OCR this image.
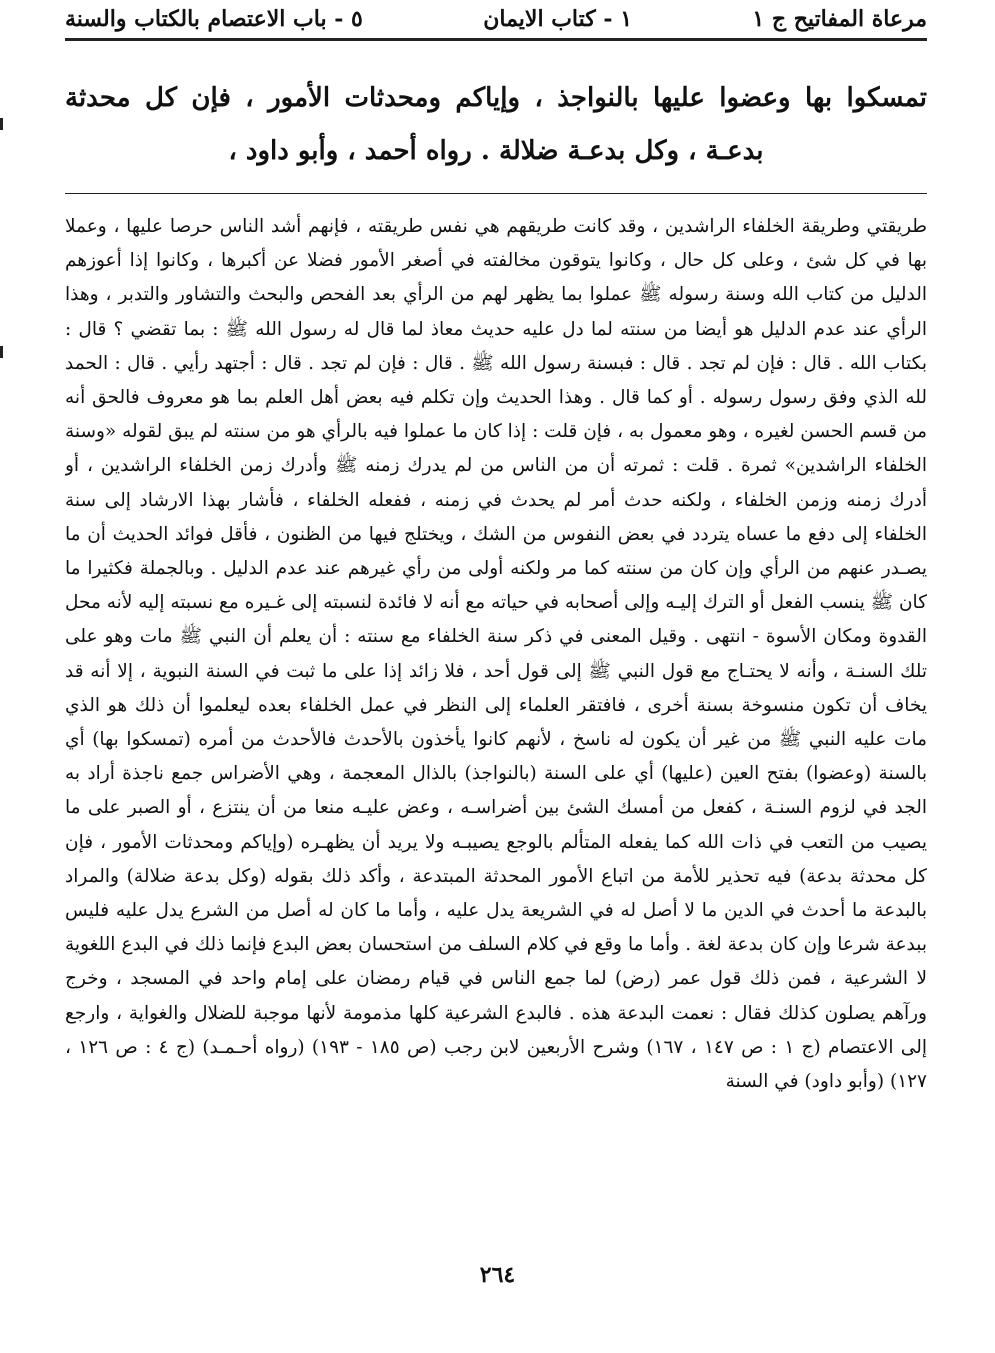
مرعاة المفاتيح ج ١
١ - كتاب الايمان
٥ - باب الاعتصام بالكتاب والسنة
تمسكوا بها وعضوا عليها بالنواجذ ، وإياكم ومحدثات الأمور ، فإن كل محدثة بدعـة ، وكل بدعـة ضلالة . رواه أحمد ، وأبو داود ،

طريقتي وطريقة الخلفاء الراشدين ، وقد كانت طريقهم هي نفس طريقته ، فإنهم أشد الناس حرصا عليها ، وعملا بها في كل شئ ، وعلى كل حال ، وكانوا يتوقون مخالفته في أصغر الأمور فضلا عن أكبرها ، وكانوا إذا أعوزهم الدليل من كتاب الله وسنة رسوله ﷺ عملوا بما يظهر لهم من الرأي بعد الفحص والبحث والتشاور والتدبر ، وهذا الرأي عند عدم الدليل هو أيضا من سنته لما دل عليه حديث معاذ لما قال له رسول الله ﷺ : بما تقضي ؟ قال : بكتاب الله . قال : فإن لم تجد . قال : فبسنة رسول الله ﷺ . قال : فإن لم تجد . قال : أجتهد رأيي . قال : الحمد لله الذي وفق رسول رسوله . أو كما قال . وهذا الحديث وإن تكلم فيه بعض أهل العلم بما هو معروف فالحق أنه من قسم الحسن لغيره ، وهو معمول به ، فإن قلت : إذا كان ما عملوا فيه بالرأي هو من سنته لم يبق لقوله «وسنة الخلفاء الراشدين» ثمرة . قلت : ثمرته أن من الناس من لم يدرك زمنه ﷺ وأدرك زمن الخلفاء الراشدين ، أو أدرك زمنه وزمن الخلفاء ، ولكنه حدث أمر لم يحدث في زمنه ، ففعله الخلفاء ، فأشار بهذا الارشاد إلى سنة الخلفاء إلى دفع ما عساه يتردد في بعض النفوس من الشك ، ويختلج فيها من الظنون ، فأقل فوائد الحديث أن ما يصـدر عنهم من الرأي وإن كان من سنته كما مر ولكنه أولى من رأي غيرهم عند عدم الدليل . وبالجملة فكثيرا ما كان ﷺ ينسب الفعل أو الترك إليـه وإلى أصحابه في حياته مع أنه لا فائدة لنسبته إلى غـيره مع نسبته إليه لأنه محل القدوة ومكان الأسوة - انتهى . وقيل المعنى في ذكر سنة الخلفاء مع سنته : أن يعلم أن النبي ﷺ مات وهو على تلك السنـة ، وأنه لا يحتـاج مع قول النبي ﷺ إلى قول أحد ، فلا زائد إذا على ما ثبت في السنة النبوية ، إلا أنه قد يخاف أن تكون منسوخة بسنة أخرى ، فافتقر العلماء إلى النظر في عمل الخلفاء بعده ليعلموا أن ذلك هو الذي مات عليه النبي ﷺ من غير أن يكون له ناسخ ، لأنهم كانوا يأخذون بالأحدث فالأحدث من أمره (تمسكوا بها) أي بالسنة (وعضوا) بفتح العين (عليها) أي على السنة (بالنواجذ) بالذال المعجمة ، وهي الأضراس جمع ناجذة أراد به الجد في لزوم السنـة ، كفعل من أمسك الشئ بين أضراسـه ، وعض عليـه منعا من أن ينتزع ، أو الصبر على ما يصيب من التعب في ذات الله كما يفعله المتألم بالوجع يصيبـه ولا يريد أن يظهـره (وإياكم ومحدثات الأمور ، فإن كل محدثة بدعة) فيه تحذير للأمة من اتباع الأمور المحدثة المبتدعة ، وأكد ذلك بقوله (وكل بدعة ضلالة) والمراد بالبدعة ما أحدث في الدين ما لا أصل له في الشريعة يدل عليه ، وأما ما كان له أصل من الشرع يدل عليه فليس ببدعة شرعا وإن كان بدعة لغة . وأما ما وقع في كلام السلف من استحسان بعض البدع فإنما ذلك في البدع اللغوية لا الشرعية ، فمن ذلك قول عمر (رض) لما جمع الناس في قيام رمضان على إمام واحد في المسجد ، وخرج ورآهم يصلون كذلك فقال : نعمت البدعة هذه . فالبدع الشرعية كلها مذمومة لأنها موجبة للضلال والغواية ، وارجع إلى الاعتصام (ج ١ : ص ١٤٧ ، ١٦٧) وشرح الأربعين لابن رجب (ص ١٨٥ - ١٩٣) (رواه أحـمـد) (ج ٤ : ص ١٢٦ ، ١٢٧) (وأبو داود) في السنة

٢٦٤
